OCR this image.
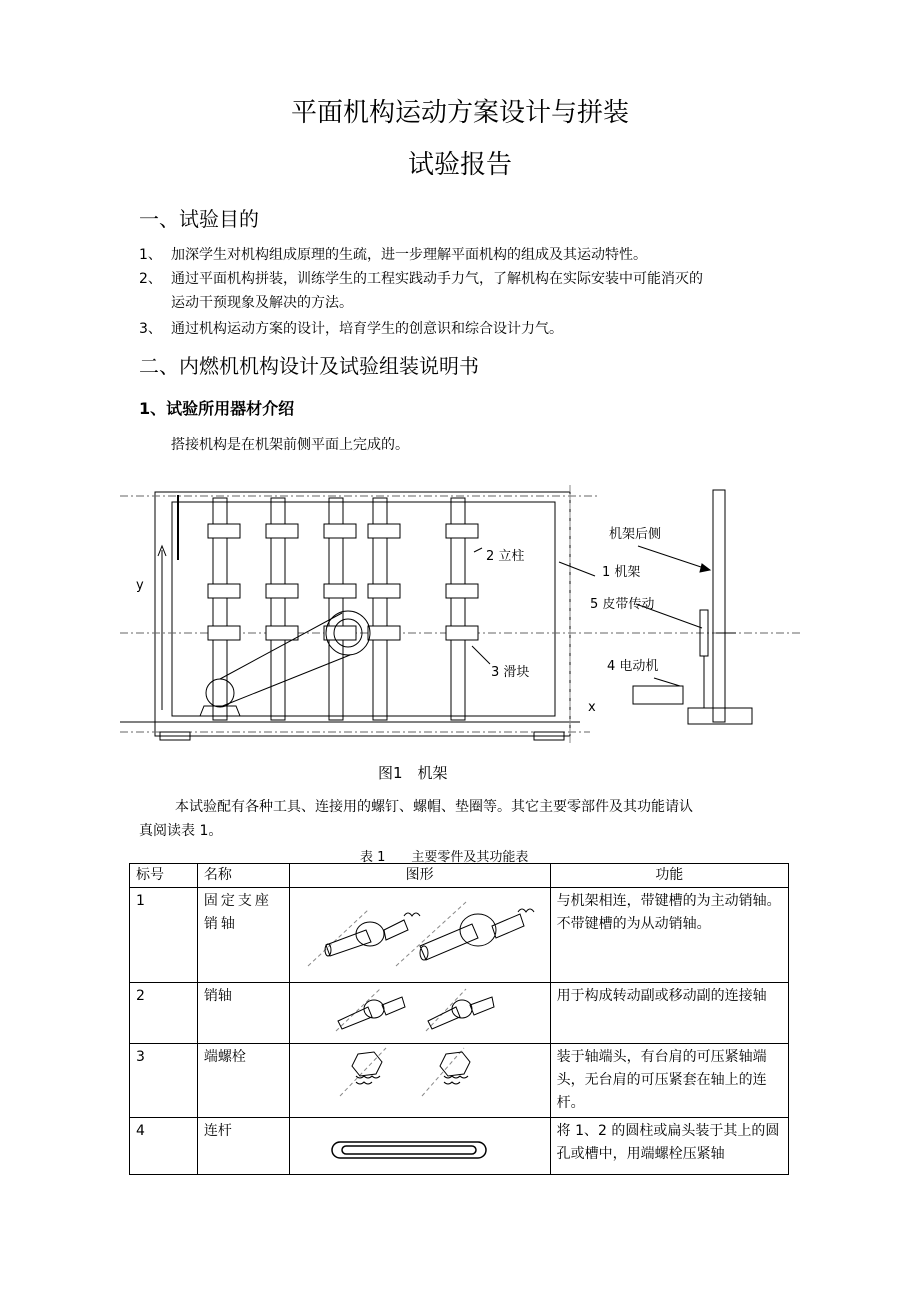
平面机构运动方案设计与拼装
试验报告
一、试验目的
1、 加深学生对机构组成原理的生疏，进一步理解平面机构的组成及其运动特性。
2、 通过平面机构拼装，训练学生的工程实践动手力气，了解机构在实际安装中可能消灭的
运动干预现象及解决的方法。
3、 通过机构运动方案的设计，培育学生的创意识和综合设计力气。
二、内燃机机构设计及试验组装说明书
1、试验所用器材介绍
搭接机构是在机架前侧平面上完成的。
y
x
2 立柱
1 机架
3 滑块
机架后侧
5 皮带传动
4 电动机
图1　机架
本试验配有各种工具、连接用的螺钉、螺帽、垫圈等。其它主要零部件及其功能请认
真阅读表 1。
表 1　　主要零件及其功能表
标号	名称	图形	功能
1	固定支座销轴		与机架相连，带键槽的为主动销轴。不带键槽的为从动销轴。
2	销轴		用于构成转动副或移动副的连接轴
3	端螺栓		装于轴端头，有台肩的可压紧轴端头，无台肩的可压紧套在轴上的连杆。
4	连杆		将 1、2 的圆柱或扁头装于其上的圆孔或槽中，用端螺栓压紧轴
